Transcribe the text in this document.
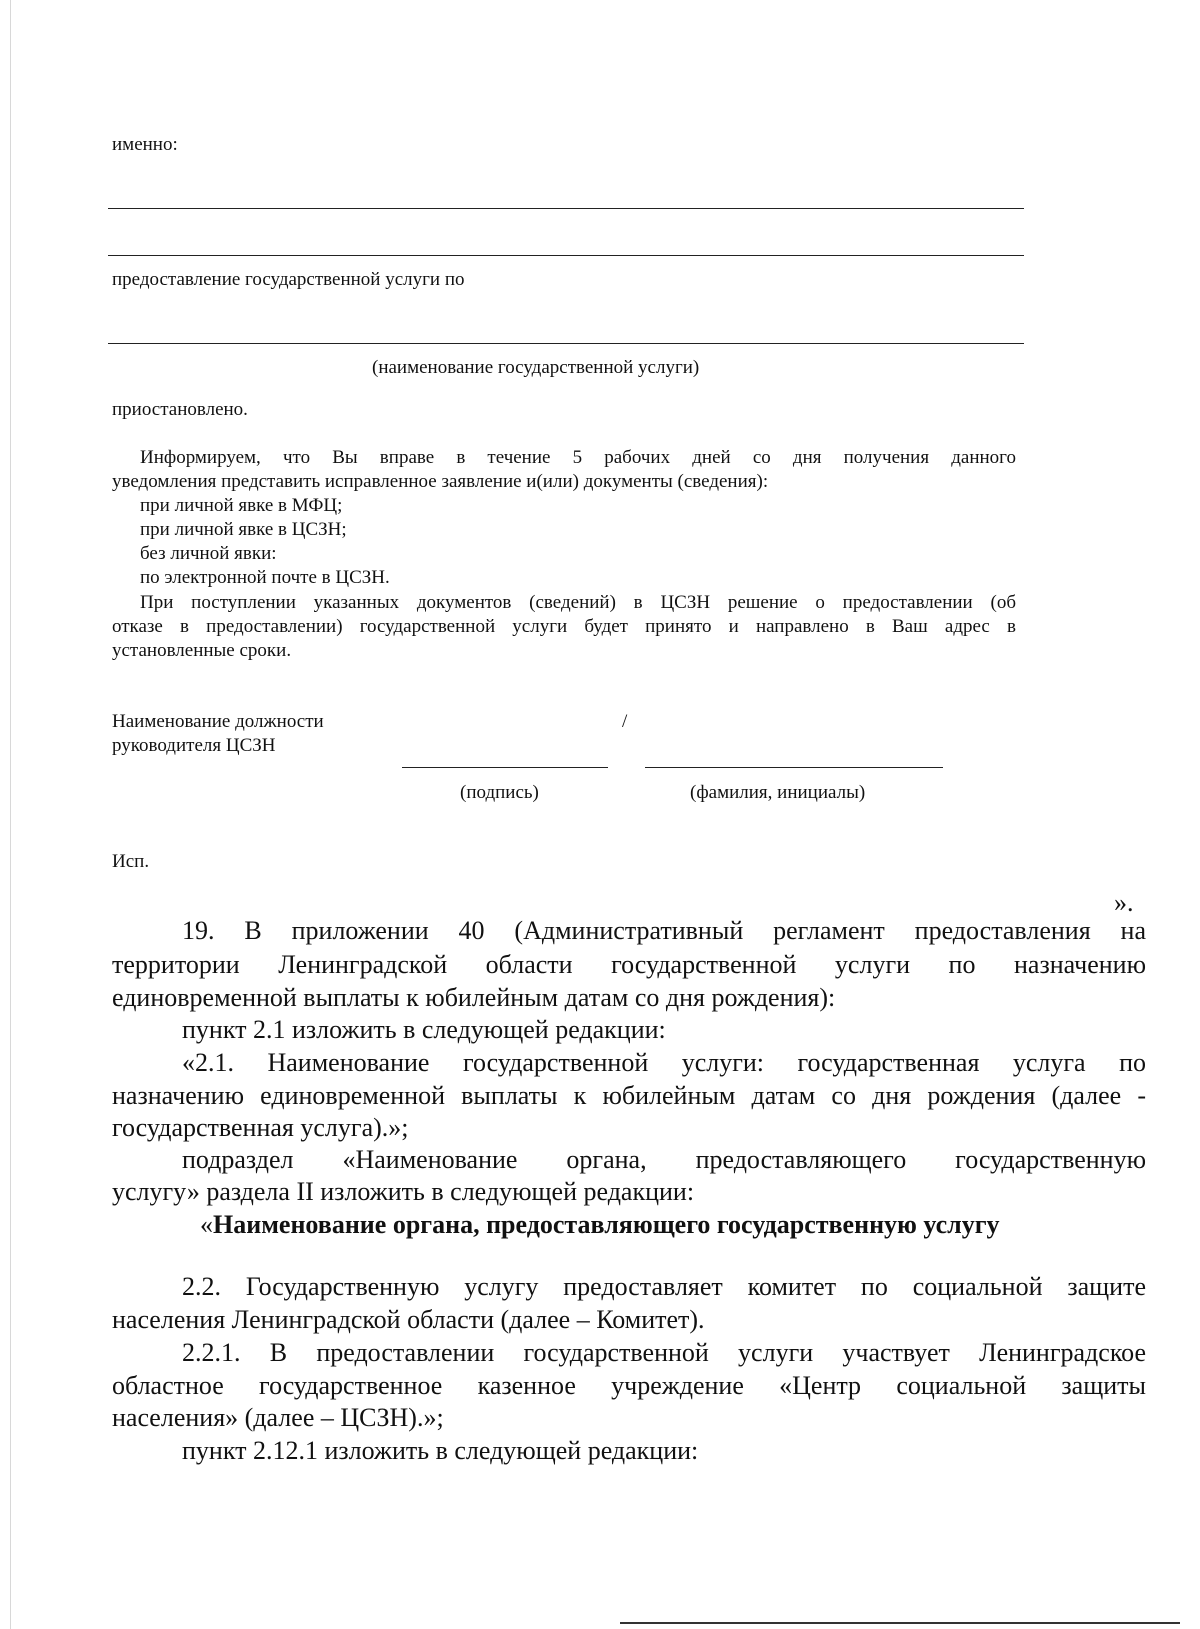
именно:
предоставление государственной услуги по
(наименование государственной услуги)
приостановлено.
Информируем, что Вы вправе в течение 5 рабочих дней со дня получения данного
уведомления представить исправленное заявление и(или) документы (сведения):
при личной явке в МФЦ;
при личной явке в ЦСЗН;
без личной явки:
по электронной почте в ЦСЗН.
При поступлении указанных документов (сведений) в ЦСЗН решение о предоставлении (об
отказе в предоставлении) государственной услуги будет принято и направлено в Ваш адрес в
установленные сроки.
Наименование должности
руководителя ЦСЗН
/
(подпись)	(фамилия, инициалы)
Исп.
».
19. В приложении 40 (Административный регламент предоставления на
территории Ленинградской области государственной услуги по назначению
единовременной выплаты к юбилейным датам со дня рождения):
пункт 2.1 изложить в следующей редакции:
«2.1. Наименование государственной услуги: государственная услуга по
назначению единовременной выплаты к юбилейным датам со дня рождения (далее -
государственная услуга).»;
подраздел «Наименование органа, предоставляющего государственную
услугу» раздела II изложить в следующей редакции:
«Наименование органа, предоставляющего государственную услугу
2.2. Государственную услугу предоставляет комитет по социальной защите
населения Ленинградской области (далее – Комитет).
2.2.1. В предоставлении государственной услуги участвует Ленинградское
областное государственное казенное учреждение «Центр социальной защиты
населения» (далее – ЦСЗН).»;
пункт 2.12.1 изложить в следующей редакции:
